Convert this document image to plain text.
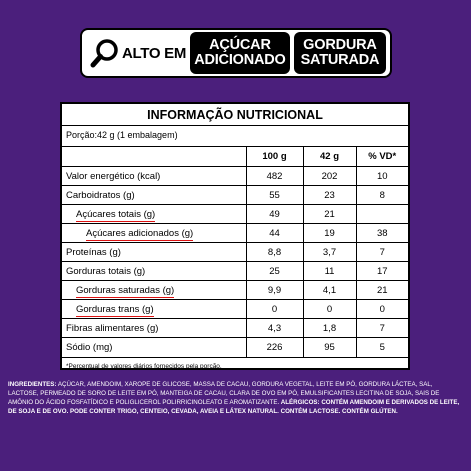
ALTO EM AÇÚCAR
ADICIONADO
GORDURA
SATURADA
INFORMAÇÃO NUTRICIONAL
Porção:42 g (1 embalagem)
	100 g	42 g	% VD*
Valor energético (kcal)	482	202	10
Carboidratos (g)	55	23	8
Açúcares totais (g)	49	21	
Açúcares adicionados (g)	44	19	38
Proteínas (g)	8,8	3,7	7
Gorduras totais (g)	25	11	17
Gorduras saturadas (g)	9,9	4,1	21
Gorduras trans (g)	0	0	0
Fibras alimentares (g)	4,3	1,8	7
Sódio (mg)	226	95	5
*Percentual de valores diários fornecidos pela porção.
INGREDIENTES: AÇÚCAR, AMENDOIM, XAROPE DE GLICOSE, MASSA DE CACAU, GORDURA VEGETAL, LEITE EM PÓ, GORDURA LÁCTEA, SAL, LACTOSE, PERMEADO DE SORO DE LEITE EM PÓ, MANTEIGA DE CACAU, CLARA DE OVO EM PÓ, EMULSIFICANTES LECITINA DE SOJA, SAIS DE AMÔNIO DO ÁCIDO FOSFATÍDICO E POLIGLICEROL POLIRRICINOLEATO E AROMATIZANTE. ALÉRGICOS: CONTÉM AMENDOIM E DERIVADOS DE LEITE, DE SOJA E DE OVO. PODE CONTER TRIGO, CENTEIO, CEVADA, AVEIA E LÁTEX NATURAL. CONTÉM LACTOSE. CONTÉM GLÚTEN.
